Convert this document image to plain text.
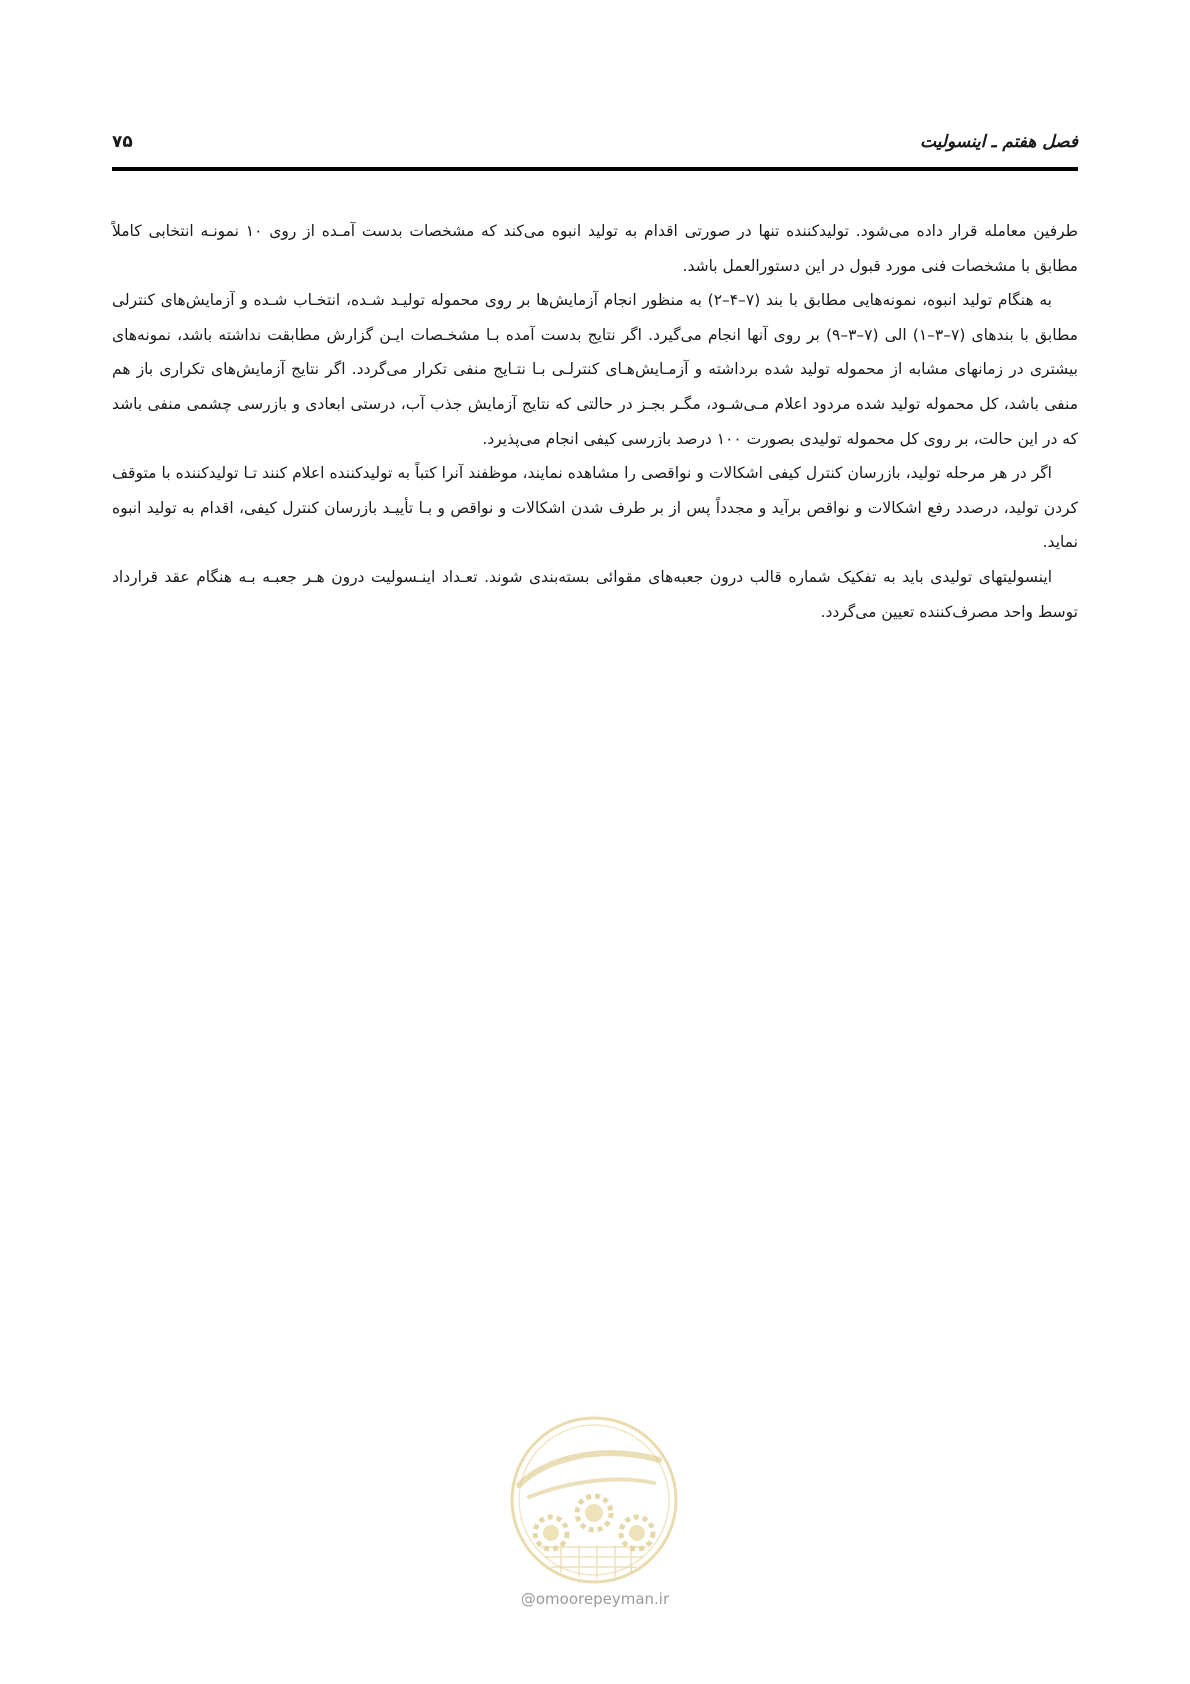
فصل هفتم ـ اینسولیت
۷۵

طرفین معامله قرار داده می‌شود. تولیدکننده تنها در صورتی اقدام به تولید انبوه می‌کند که مشخصات بدست آمـده از روی ۱۰ نمونـه انتخابی کاملاً مطابق با مشخصات فنی مورد قبول در این دستورالعمل باشد.

به هنگام تولید انبوه، نمونه‌هایی مطابق با بند (۷–۴–۲) به منظور انجام آزمایش‌ها بر روی محموله تولیـد شـده، انتخـاب شـده و آزمایش‌های کنترلی مطابق با بندهای (۷–۳–۱) الی (۷–۳–۹) بر روی آنها انجام می‌گیرد. اگر نتایج بدست آمده بـا مشخـصات ایـن گزارش مطابقت نداشته باشد، نمونه‌های بیشتری در زمانهای مشابه از محموله تولید شده برداشته و آزمـایش‌هـای کنترلـی بـا نتـایج منفی تکرار می‌گردد. اگر نتایج آزمایش‌های تکراری باز هم منفی باشد، کل محموله تولید شده مردود اعلام مـی‌شـود، مگـر بجـز در حالتی که نتایج آزمایش جذب آب، درستی ابعادی و بازرسی چشمی منفی باشد که در این حالت، بر روی کل محموله تولیدی بصورت ۱۰۰ درصد بازرسی کیفی انجام می‌پذیرد.

اگر در هر مرحله تولید، بازرسان کنترل کیفی اشکالات و نواقصی را مشاهده نمایند، موظفند آنرا کتباً به تولیدکننده اعلام کنند تـا تولیدکننده با متوقف کردن تولید، درصدد رفع اشکالات و نواقص برآید و مجدداً پس از بر طرف شدن اشکالات و نواقص و بـا تأییـد بازرسان کنترل کیفی، اقدام به تولید انبوه نماید.

اینسولیتهای تولیدی باید به تفکیک شماره قالب درون جعبه‌های مقوائی بسته‌بندی شوند. تعـداد اینـسولیت درون هـر جعبـه بـه هنگام عقد قرارداد توسط واحد مصرف‌کننده تعیین می‌گردد.

@omoorepeyman.ir
